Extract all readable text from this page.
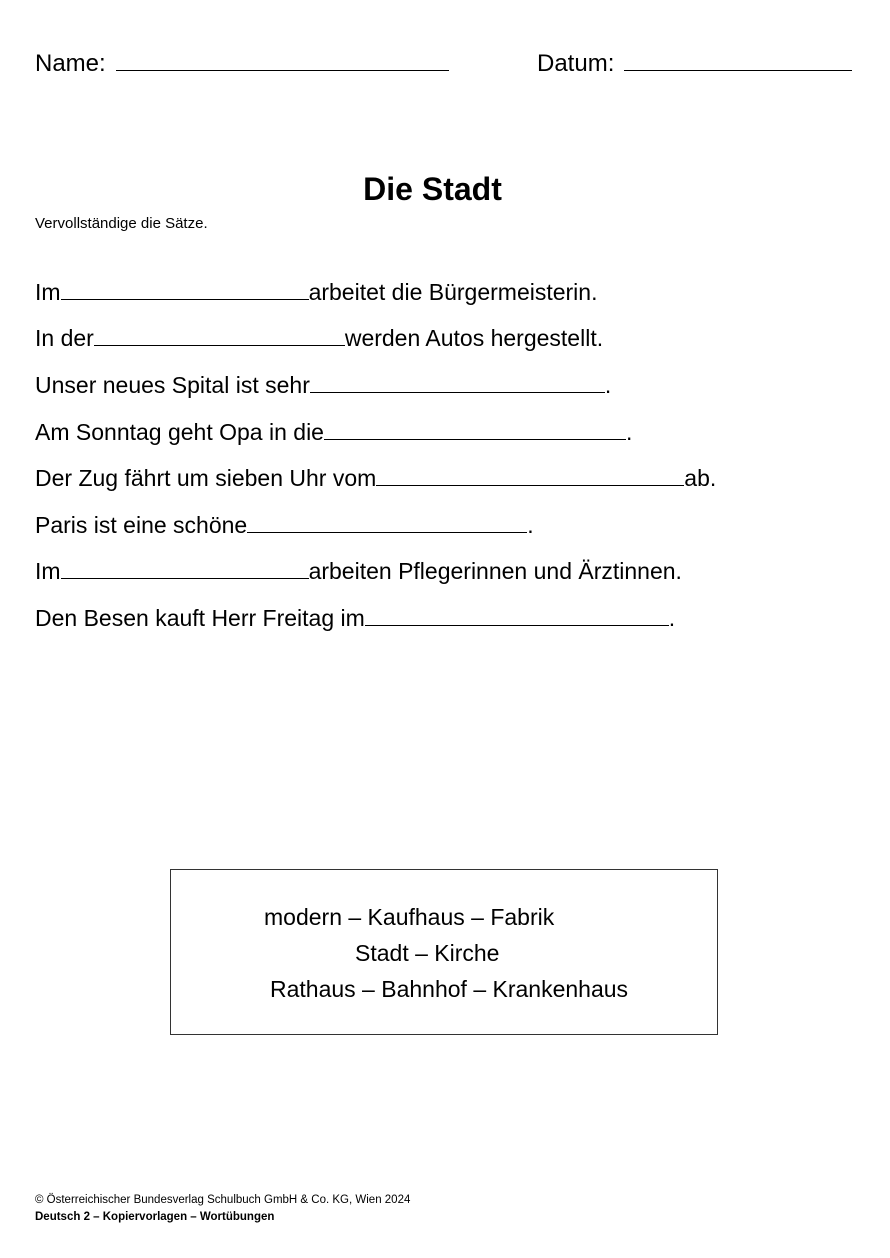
Name:	Datum:
Die Stadt
Vervollständige die Sätze.
Im	arbeitet die Bürgermeisterin.
In der	werden Autos hergestellt.
Unser neues Spital ist sehr	.
Am Sonntag geht Opa in die	.
Der Zug fährt um sieben Uhr vom	ab.
Paris ist eine schöne	.
Im	arbeiten Pflegerinnen und Ärztinnen.
Den Besen kauft Herr Freitag im	.
modern – Kaufhaus – Fabrik
Stadt – Kirche
Rathaus – Bahnhof – Krankenhaus
© Österreichischer Bundesverlag Schulbuch GmbH & Co. KG, Wien 2024
Deutsch 2 – Kopiervorlagen – Wortübungen
